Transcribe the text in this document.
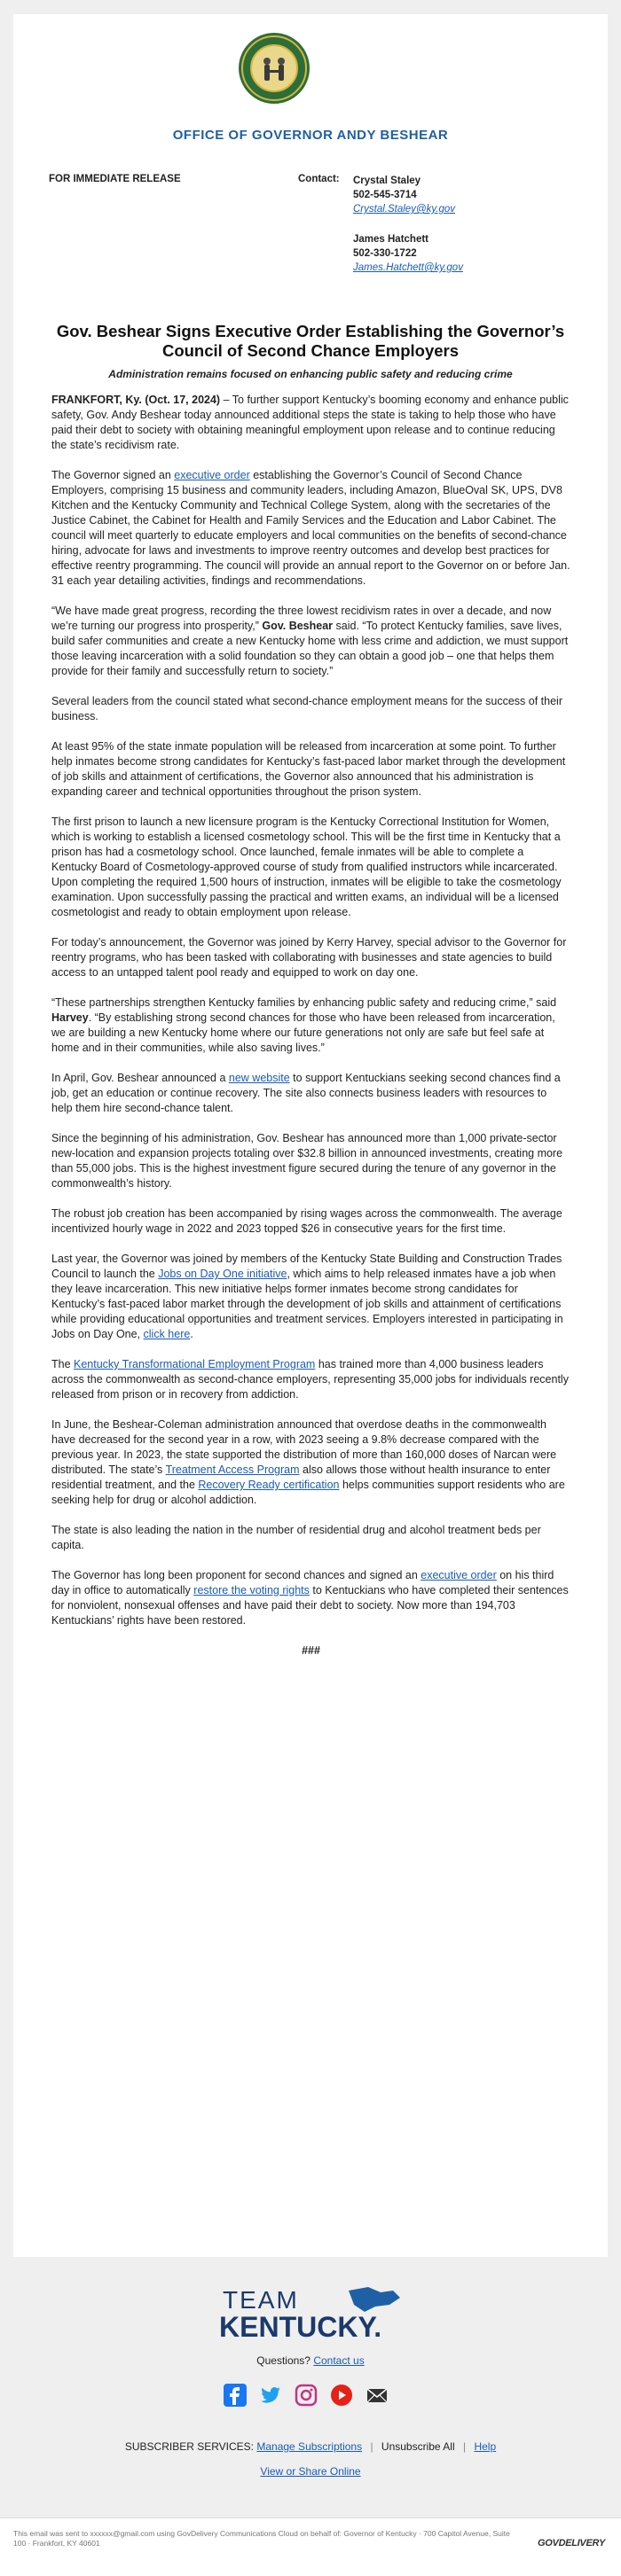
OFFICE OF GOVERNOR ANDY BESHEAR
FOR IMMEDIATE RELEASE	Contact: Crystal Staley
502-545-3714
Crystal.Staley@ky.gov
James Hatchett
502-330-1722
James.Hatchett@ky.gov
Gov. Beshear Signs Executive Order Establishing the Governor’s Council of Second Chance Employers
Administration remains focused on enhancing public safety and reducing crime

FRANKFORT, Ky. (Oct. 17, 2024) – To further support Kentucky’s booming economy and enhance public safety, Gov. Andy Beshear today announced additional steps the state is taking to help those who have paid their debt to society with obtaining meaningful employment upon release and to continue reducing the state’s recidivism rate.

The Governor signed an executive order establishing the Governor’s Council of Second Chance Employers, comprising 15 business and community leaders, including Amazon, BlueOval SK, UPS, DV8 Kitchen and the Kentucky Community and Technical College System, along with the secretaries of the Justice Cabinet, the Cabinet for Health and Family Services and the Education and Labor Cabinet. The council will meet quarterly to educate employers and local communities on the benefits of second-chance hiring, advocate for laws and investments to improve reentry outcomes and develop best practices for effective reentry programming. The council will provide an annual report to the Governor on or before Jan. 31 each year detailing activities, findings and recommendations.

“We have made great progress, recording the three lowest recidivism rates in over a decade, and now we’re turning our progress into prosperity,” Gov. Beshear said. “To protect Kentucky families, save lives, build safer communities and create a new Kentucky home with less crime and addiction, we must support those leaving incarceration with a solid foundation so they can obtain a good job – one that helps them provide for their family and successfully return to society.”

Several leaders from the council stated what second-chance employment means for the success of their business.

At least 95% of the state inmate population will be released from incarceration at some point. To further help inmates become strong candidates for Kentucky’s fast-paced labor market through the development of job skills and attainment of certifications, the Governor also announced that his administration is expanding career and technical opportunities throughout the prison system.

The first prison to launch a new licensure program is the Kentucky Correctional Institution for Women, which is working to establish a licensed cosmetology school. This will be the first time in Kentucky that a prison has had a cosmetology school. Once launched, female inmates will be able to complete a Kentucky Board of Cosmetology-approved course of study from qualified instructors while incarcerated. Upon completing the required 1,500 hours of instruction, inmates will be eligible to take the cosmetology examination. Upon successfully passing the practical and written exams, an individual will be a licensed cosmetologist and ready to obtain employment upon release.

For today’s announcement, the Governor was joined by Kerry Harvey, special advisor to the Governor for reentry programs, who has been tasked with collaborating with businesses and state agencies to build access to an untapped talent pool ready and equipped to work on day one.

“These partnerships strengthen Kentucky families by enhancing public safety and reducing crime,” said Harvey. “By establishing strong second chances for those who have been released from incarceration, we are building a new Kentucky home where our future generations not only are safe but feel safe at home and in their communities, while also saving lives.”

In April, Gov. Beshear announced a new website to support Kentuckians seeking second chances find a job, get an education or continue recovery. The site also connects business leaders with resources to help them hire second-chance talent.

Since the beginning of his administration, Gov. Beshear has announced more than 1,000 private-sector new-location and expansion projects totaling over $32.8 billion in announced investments, creating more than 55,000 jobs. This is the highest investment figure secured during the tenure of any governor in the commonwealth’s history.

The robust job creation has been accompanied by rising wages across the commonwealth. The average incentivized hourly wage in 2022 and 2023 topped $26 in consecutive years for the first time.

Last year, the Governor was joined by members of the Kentucky State Building and Construction Trades Council to launch the Jobs on Day One initiative, which aims to help released inmates have a job when they leave incarceration. This new initiative helps former inmates become strong candidates for Kentucky’s fast-paced labor market through the development of job skills and attainment of certifications while providing educational opportunities and treatment services. Employers interested in participating in Jobs on Day One, click here.

The Kentucky Transformational Employment Program has trained more than 4,000 business leaders across the commonwealth as second-chance employers, representing 35,000 jobs for individuals recently released from prison or in recovery from addiction.

In June, the Beshear-Coleman administration announced that overdose deaths in the commonwealth have decreased for the second year in a row, with 2023 seeing a 9.8% decrease compared with the previous year. In 2023, the state supported the distribution of more than 160,000 doses of Narcan were distributed. The state’s Treatment Access Program also allows those without health insurance to enter residential treatment, and the Recovery Ready certification helps communities support residents who are seeking help for drug or alcohol addiction.

The state is also leading the nation in the number of residential drug and alcohol treatment beds per capita.

The Governor has long been proponent for second chances and signed an executive order on his third day in office to automatically restore the voting rights to Kentuckians who have completed their sentences for nonviolent, nonsexual offenses and have paid their debt to society. Now more than 194,703 Kentuckians’ rights have been restored.

###

TEAM
KENTUCKY.
Questions? Contact us
SUBSCRIBER SERVICES: Manage Subscriptions | Unsubscribe All | Help
View or Share Online
This email was sent to xxxxxx@gmail.com using GovDelivery Communications Cloud on behalf of: Governor of Kentucky · 700 Capitol Avenue, Suite 100 · Frankfort, KY 40601	GOVDELIVERY
